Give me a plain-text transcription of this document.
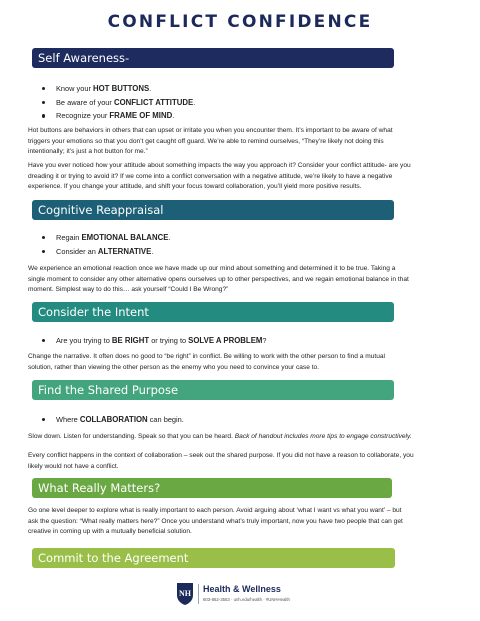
CONFLICT CONFIDENCE
Self Awareness-
Know your HOT BUTTONS.
Be aware of your CONFLICT ATTITUDE.
Recognize your FRAME OF MIND.
Hot buttons are behaviors in others that can upset or irritate you when you encounter them. It’s important to be aware of what
triggers your emotions so that you don’t get caught off guard. We’re able to remind ourselves, “They’re likely not doing this
intentionally; it’s just a hot button for me.”
Have you ever noticed how your attitude about something impacts the way you approach it? Consider your conflict attitude- are you
dreading it or trying to avoid it? If we come into a conflict conversation with a negative attitude, we’re likely to have a negative
experience. If you change your attitude, and shift your focus toward collaboration, you’ll yield more positive results.
Cognitive Reappraisal
Regain EMOTIONAL BALANCE.
Consider an ALTERNATIVE.
We experience an emotional reaction once we have made up our mind about something and determined it to be true. Taking a
single moment to consider any other alternative opens ourselves up to other perspectives, and we regain emotional balance in that
moment. Simplest way to do this… ask yourself “Could I Be Wrong?”
Consider the Intent
Are you trying to BE RIGHT or trying to SOLVE A PROBLEM?
Change the narrative. It often does no good to “be right” in conflict. Be willing to work with the other person to find a mutual
solution, rather than viewing the other person as the enemy who you need to convince your case to.
Find the Shared Purpose
Where COLLABORATION can begin.
Slow down. Listen for understanding. Speak so that you can be heard. Back of handout includes more tips to engage constructively.
Every conflict happens in the context of collaboration – seek out the shared purpose. If you did not have a reason to collaborate, you
likely would not have a conflict.
What Really Matters?
Go one level deeper to explore what is really important to each person. Avoid arguing about ‘what I want vs what you want’ – but
ask the question: “What really matters here?” Once you understand what’s truly important, now you have two people that can get
creative in coming up with a mutually beneficial solution.
Commit to the Agreement
NH Health & Wellness
603-862-3553 · unh.edu/health · #UNHHealth
